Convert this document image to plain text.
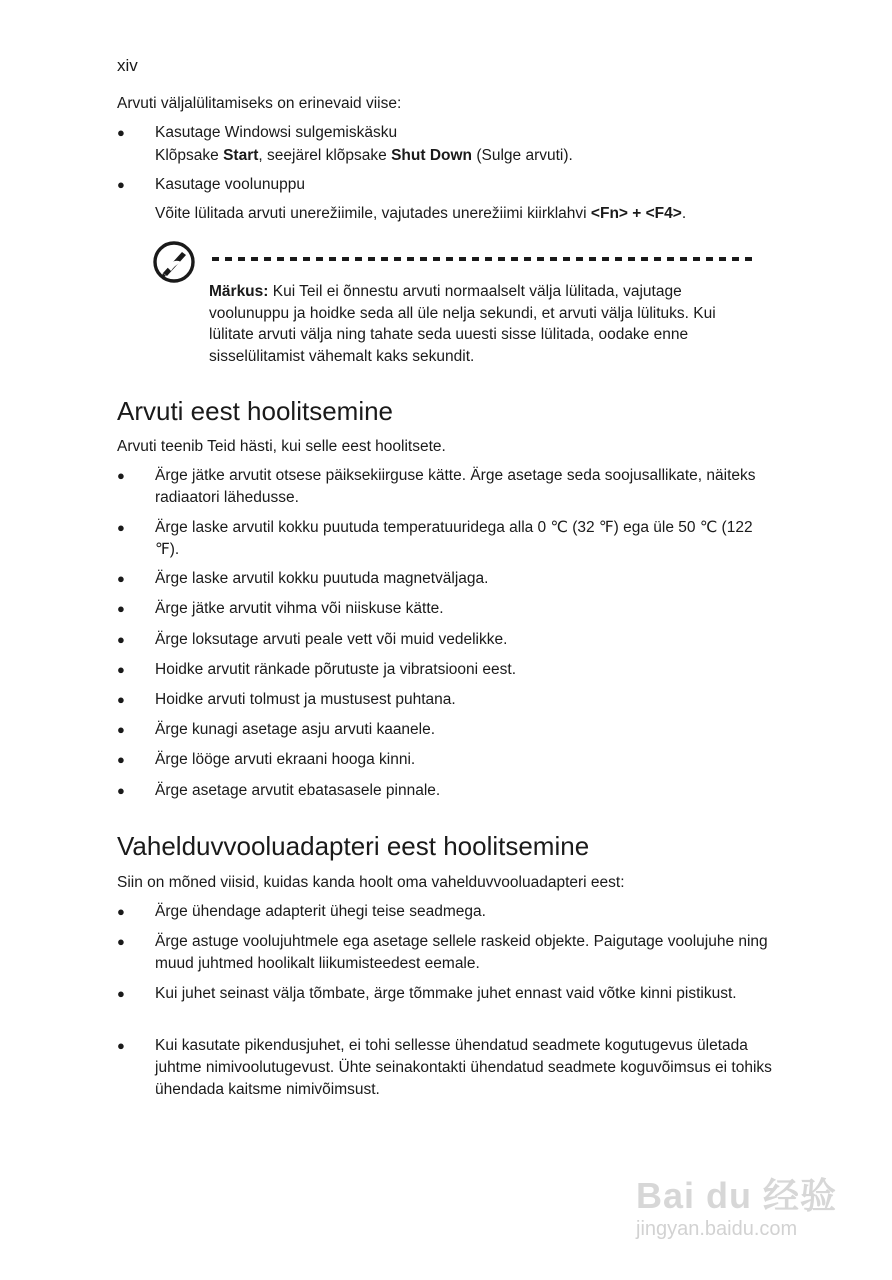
xiv
Arvuti väljalülitamiseks on erinevaid viise:
● Kasutage Windowsi sulgemiskäsku
Klõpsake Start, seejärel klõpsake Shut Down (Sulge arvuti).
● Kasutage voolunuppu
Võite lülitada arvuti unerežiimile, vajutades unerežiimi kiirklahvi <Fn> + <F4>.
Märkus: Kui Teil ei õnnestu arvuti normaalselt välja lülitada, vajutage voolunuppu ja hoidke seda all üle nelja sekundi, et arvuti välja lülituks. Kui lülitate arvuti välja ning tahate seda uuesti sisse lülitada, oodake enne sisselülitamist vähemalt kaks sekundit.
Arvuti eest hoolitsemine
Arvuti teenib Teid hästi, kui selle eest hoolitsete.
● Ärge jätke arvutit otsese päiksekiirguse kätte. Ärge asetage seda soojusallikate, näiteks radiaatori lähedusse.
● Ärge laske arvutil kokku puutuda temperatuuridega alla 0 ℃ (32 ℉) ega üle 50 ℃ (122 ℉).
● Ärge laske arvutil kokku puutuda magnetväljaga.
● Ärge jätke arvutit vihma või niiskuse kätte.
● Ärge loksutage arvuti peale vett või muid vedelikke.
● Hoidke arvutit ränkade põrutuste ja vibratsiooni eest.
● Hoidke arvuti tolmust ja mustusest puhtana.
● Ärge kunagi asetage asju arvuti kaanele.
● Ärge lööge arvuti ekraani hooga kinni.
● Ärge asetage arvutit ebatasasele pinnale.
Vahelduvvooluadapteri eest hoolitsemine
Siin on mõned viisid, kuidas kanda hoolt oma vahelduvvooluadapteri eest:
● Ärge ühendage adapterit ühegi teise seadmega.
● Ärge astuge voolujuhtmele ega asetage sellele raskeid objekte. Paigutage voolujuhe ning muud juhtmed hoolikalt liikumisteedest eemale.
● Kui juhet seinast välja tõmbate, ärge tõmmake juhet ennast vaid võtke kinni pistikust.
● Kui kasutate pikendusjuhet, ei tohi sellesse ühendatud seadmete kogutugevus ületada juhtme nimivoolutugevust. Ühte seinakontakti ühendatud seadmete koguvõimsus ei tohiks ühendada kaitsme nimivõimsust.
Bai du 经验
jingyan.baidu.com
